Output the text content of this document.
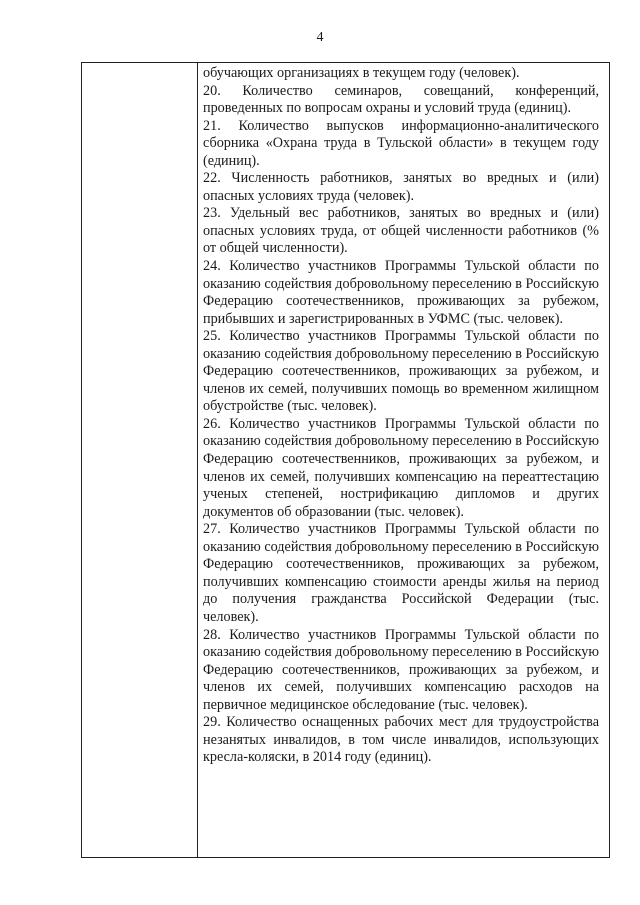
4

обучающих организациях в текущем году (человек).

20. Количество семинаров, совещаний, конференций, проведенных по вопросам охраны и условий труда (единиц).

21. Количество выпусков информационно-аналитического сборника «Охрана труда в Тульской области» в текущем году (единиц).

22. Численность работников, занятых во вредных и (или) опасных условиях труда (человек).

23. Удельный вес работников, занятых во вредных и (или) опасных условиях труда, от общей численности работников (% от общей численности).

24. Количество участников Программы Тульской области по оказанию содействия добровольному переселению в Российскую Федерацию соотечественников, проживающих за рубежом, прибывших и зарегистрированных в УФМС (тыс. человек).

25. Количество участников Программы Тульской области по оказанию содействия добровольному переселению в Российскую Федерацию соотечественников, проживающих за рубежом, и членов их семей, получивших помощь во временном жилищном обустройстве (тыс. человек).

26. Количество участников Программы Тульской области по оказанию содействия добровольному переселению в Российскую Федерацию соотечественников, проживающих за рубежом, и членов их семей, получивших компенсацию на переаттестацию ученых степеней, нострификацию дипломов и других документов об образовании (тыс. человек).

27. Количество участников Программы Тульской области по оказанию содействия добровольному переселению в Российскую Федерацию соотечественников, проживающих за рубежом, получивших компенсацию стоимости аренды жилья на период до получения гражданства Российской Федерации (тыс. человек).

28. Количество участников Программы Тульской области по оказанию содействия добровольному переселению в Российскую Федерацию соотечественников, проживающих за рубежом, и членов их семей, получивших компенсацию расходов на первичное медицинское обследование (тыс. человек).

29. Количество оснащенных рабочих мест для трудоустройства незанятых инвалидов, в том числе инвалидов, использующих кресла-коляски, в 2014 году (единиц).
